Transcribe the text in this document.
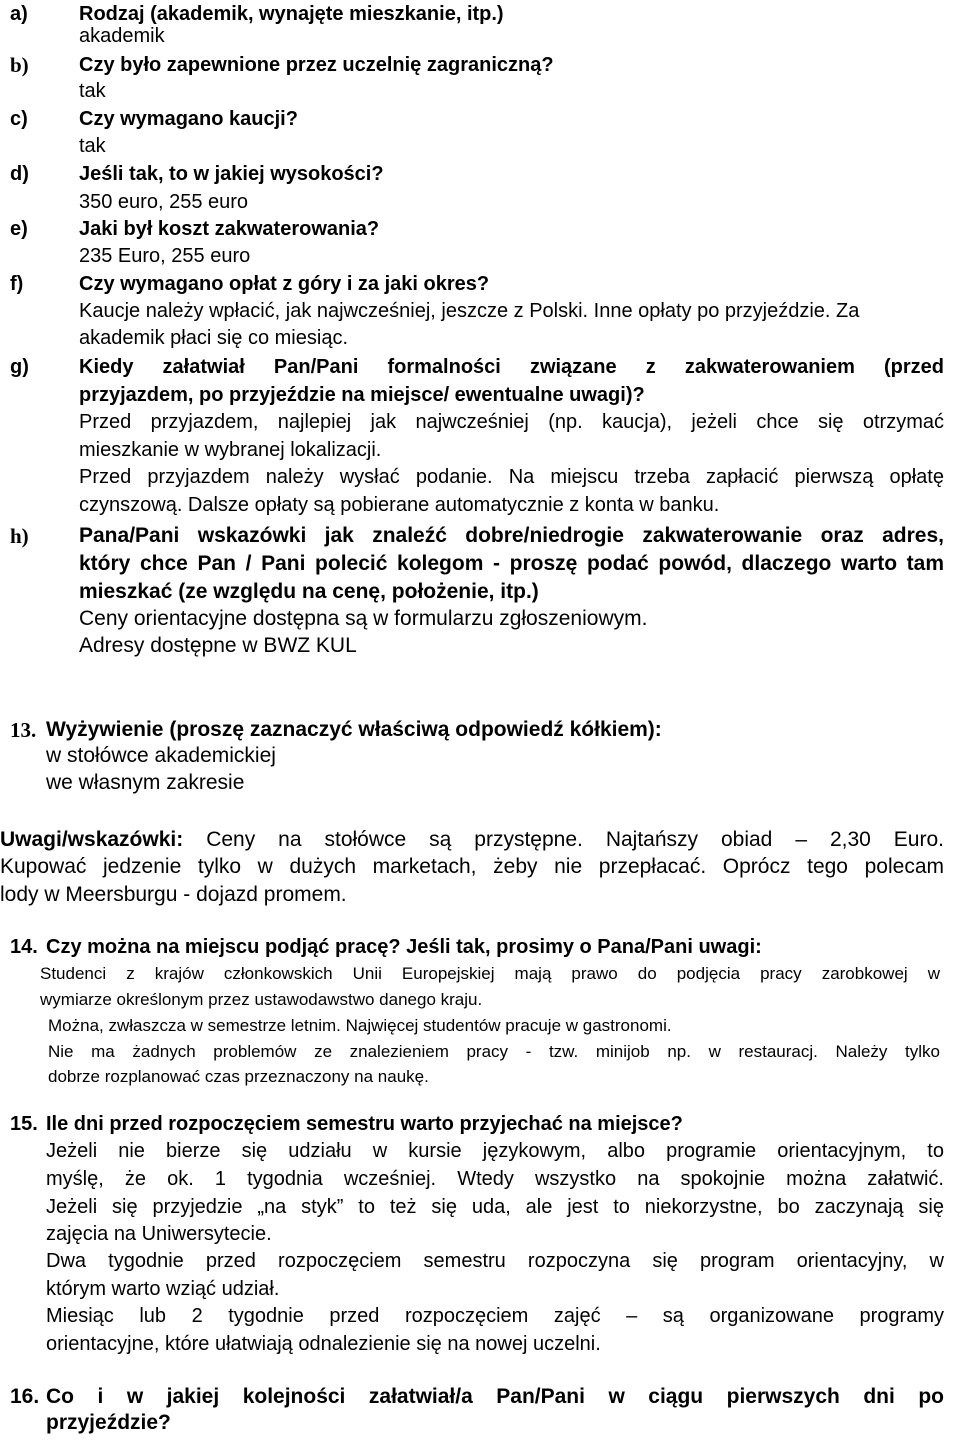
a)	Rodzaj (akademik, wynajęte mieszkanie, itp.)
akademik
b)	Czy było zapewnione przez uczelnię zagraniczną?
tak
c)	Czy wymagano kaucji?
tak
d)	Jeśli tak, to w jakiej wysokości?
350 euro, 255 euro
e)	Jaki był koszt zakwaterowania?
235 Euro, 255 euro
f)	Czy wymagano opłat z góry i za jaki okres?
Kaucje należy wpłacić, jak najwcześniej, jeszcze z Polski. Inne opłaty po przyjeździe. Za
akademik płaci się co miesiąc.
g)	Kiedy załatwiał Pan/Pani formalności związane z zakwaterowaniem (przed
przyjazdem, po przyjeździe na miejsce/ ewentualne uwagi)?
Przed przyjazdem, najlepiej jak najwcześniej (np. kaucja), jeżeli chce się otrzymać
mieszkanie w wybranej lokalizacji.
Przed przyjazdem należy wysłać podanie. Na miejscu trzeba zapłacić pierwszą opłatę
czynszową. Dalsze opłaty są pobierane automatycznie z konta w banku.
h) Pana/Pani wskazówki jak znaleźć dobre/niedrogie zakwaterowanie oraz adres,
który chce Pan / Pani polecić kolegom - proszę podać powód, dlaczego warto tam
mieszkać (ze względu na cenę, położenie, itp.)
Ceny orientacyjne dostępna są w formularzu zgłoszeniowym.
Adresy dostępne w BWZ KUL
13. Wyżywienie (proszę zaznaczyć właściwą odpowiedź kółkiem):
w stołówce akademickiej
we własnym zakresie
Uwagi/wskazówki: Ceny na stołówce są przystępne. Najtańszy obiad – 2,30 Euro.
Kupować jedzenie tylko w dużych marketach, żeby nie przepłacać. Oprócz tego polecam
lody w Meersburgu - dojazd promem.
14. Czy można na miejscu podjąć pracę? Jeśli tak, prosimy o Pana/Pani uwagi:
Studenci z krajów członkowskich Unii Europejskiej mają prawo do podjęcia pracy zarobkowej w
wymiarze określonym przez ustawodawstwo danego kraju.
Można, zwłaszcza w semestrze letnim. Najwięcej studentów pracuje w gastronomi.
Nie ma żadnych problemów ze znalezieniem pracy - tzw. minijob np. w restauracj. Należy tylko
dobrze rozplanować czas przeznaczony na naukę.
15. Ile dni przed rozpoczęciem semestru warto przyjechać na miejsce?
Jeżeli nie bierze się udziału w kursie językowym, albo programie orientacyjnym, to
myślę, że ok. 1 tygodnia wcześniej. Wtedy wszystko na spokojnie można załatwić.
Jeżeli się przyjedzie „na styk” to też się uda, ale jest to niekorzystne, bo zaczynają się
zajęcia na Uniwersytecie.
Dwa tygodnie przed rozpoczęciem semestru rozpoczyna się program orientacyjny, w
którym warto wziąć udział.
Miesiąc lub 2 tygodnie przed rozpoczęciem zajęć – są organizowane programy
orientacyjne, które ułatwiają odnalezienie się na nowej uczelni.
16. Co i w jakiej kolejności załatwiał/a Pan/Pani w ciągu pierwszych dni po
przyjeździe?
